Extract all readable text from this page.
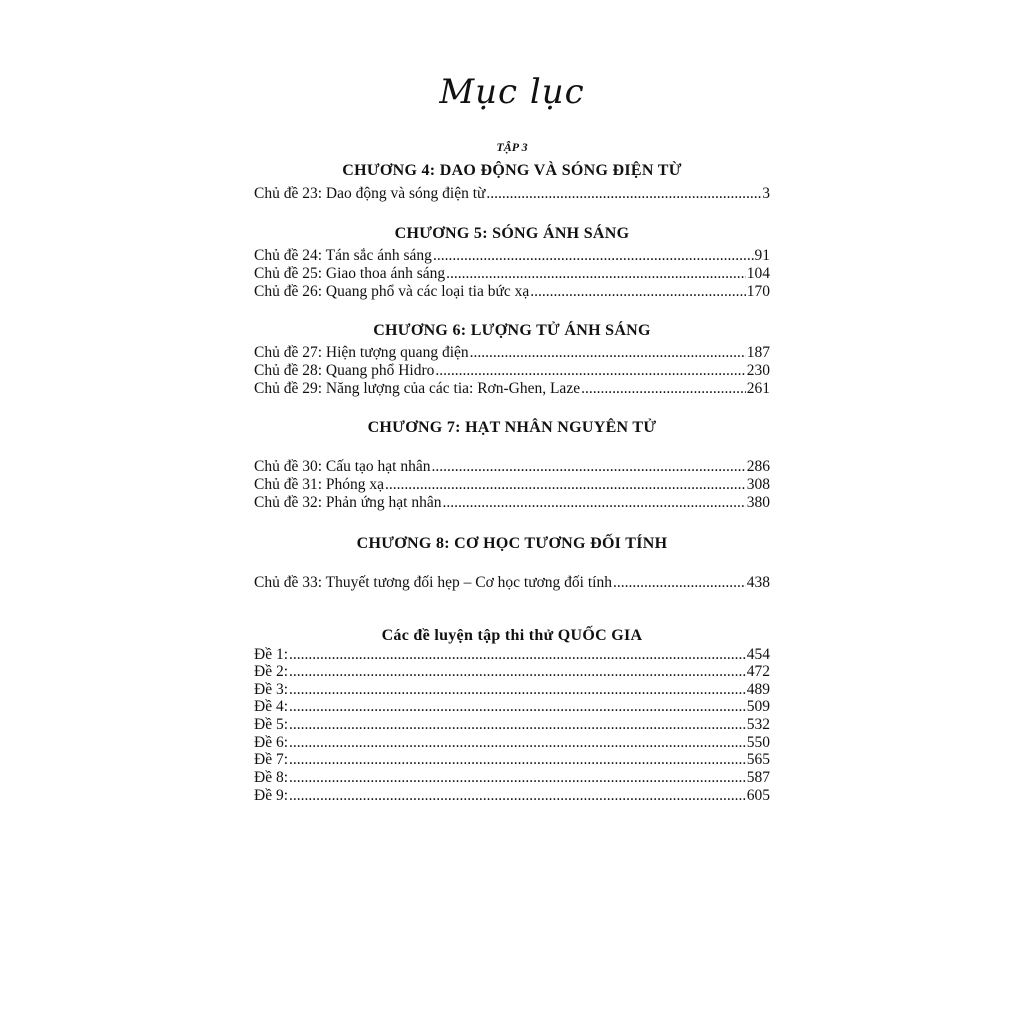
Mục lục
TẬP 3
CHƯƠNG 4: DAO ĐỘNG VÀ SÓNG ĐIỆN TỪ
Chủ đề 23: Dao động và sóng điện từ .....	3
CHƯƠNG 5: SÓNG ÁNH SÁNG
Chủ đề 24: Tán sắc ánh sáng .....	91
Chủ đề 25: Giao thoa ánh sáng .....	104
Chủ đề 26: Quang phổ và các loại tia bức xạ .....	170
CHƯƠNG 6: LƯỢNG TỬ ÁNH SÁNG
Chủ đề 27: Hiện tượng quang điện .....	187
Chủ đề 28: Quang phổ Hidro .....	230
Chủ đề 29: Năng lượng của các tia: Rơn-Ghen, Laze .....	261
CHƯƠNG 7: HẠT NHÂN NGUYÊN TỬ
Chủ đề 30: Cấu tạo hạt nhân .....	286
Chủ đề 31: Phóng xạ .....	308
Chủ đề 32: Phản ứng hạt nhân .....	380
CHƯƠNG 8: CƠ HỌC TƯƠNG ĐỐI TÍNH
Chủ đề 33: Thuyết tương đối hẹp – Cơ học tương đối tính .....	438
Các đề luyện tập thi thử QUỐC GIA
Đề 1: .....	454
Đề 2: .....	472
Đề 3: .....	489
Đề 4: .....	509
Đề 5: .....	532
Đề 6: .....	550
Đề 7: .....	565
Đề 8: .....	587
Đề 9: .....	605
